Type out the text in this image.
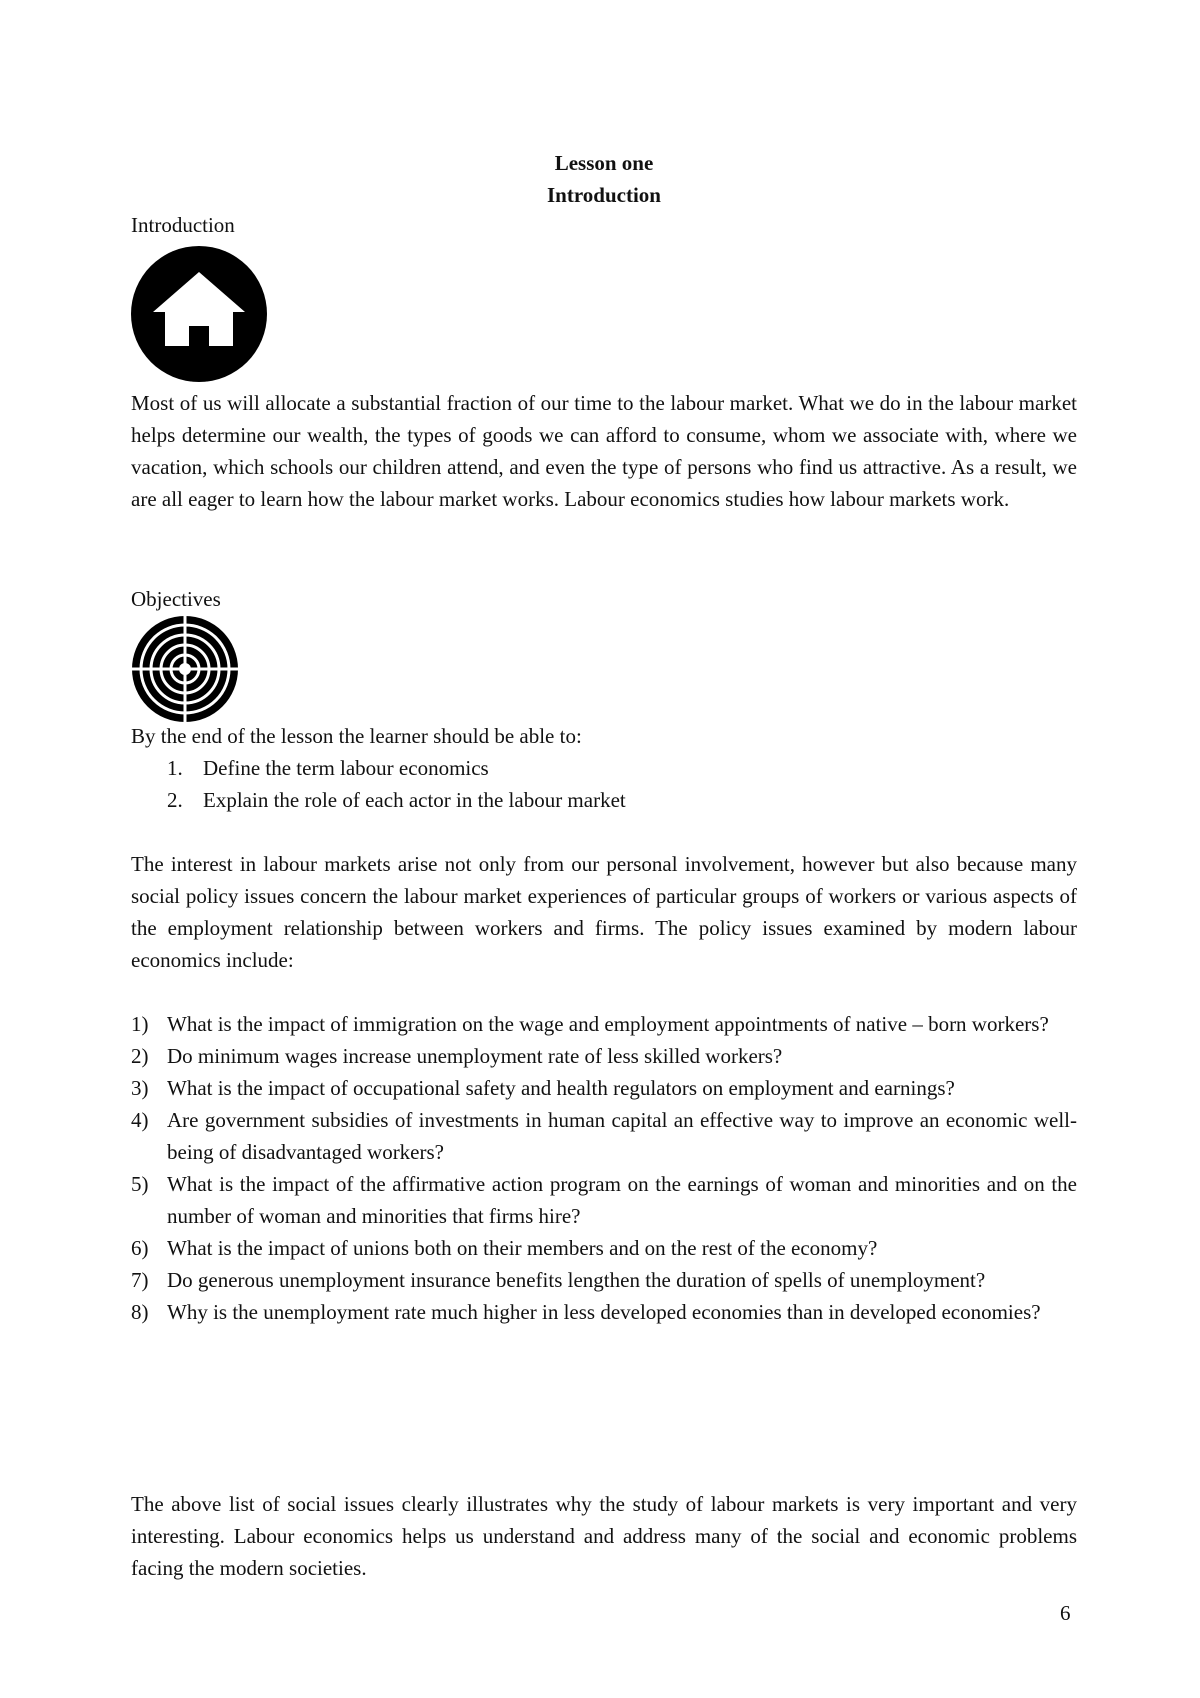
Lesson one
Introduction
Introduction

Most of us will allocate a substantial fraction of our time to the labour market. What we do in the labour market helps determine our wealth, the types of goods we can afford to consume, whom we associate with, where we vacation, which schools our children attend, and even the type of persons who find us attractive. As a result, we are all eager to learn how the labour market works. Labour economics studies how labour markets work.

Objectives
By the end of the lesson the learner should be able to:
1. Define the term labour economics
2. Explain the role of each actor in the labour market

The interest in labour markets arise not only from our personal involvement, however but also because many social policy issues concern the labour market experiences of particular groups of workers or various aspects of the employment relationship between workers and firms. The policy issues examined by modern labour economics include:

1) What is the impact of immigration on the wage and employment appointments of native – born workers?
2) Do minimum wages increase unemployment rate of less skilled workers?
3) What is the impact of occupational safety and health regulators on employment and earnings?
4) Are government subsidies of investments in human capital an effective way to improve an economic well-being of disadvantaged workers?
5) What is the impact of the affirmative action program on the earnings of woman and minorities and on the number of woman and minorities that firms hire?
6) What is the impact of unions both on their members and on the rest of the economy?
7) Do generous unemployment insurance benefits lengthen the duration of spells of unemployment?
8) Why is the unemployment rate much higher in less developed economies than in developed economies?

The above list of social issues clearly illustrates why the study of labour markets is very important and very interesting. Labour economics helps us understand and address many of the social and economic problems facing the modern societies.

6
